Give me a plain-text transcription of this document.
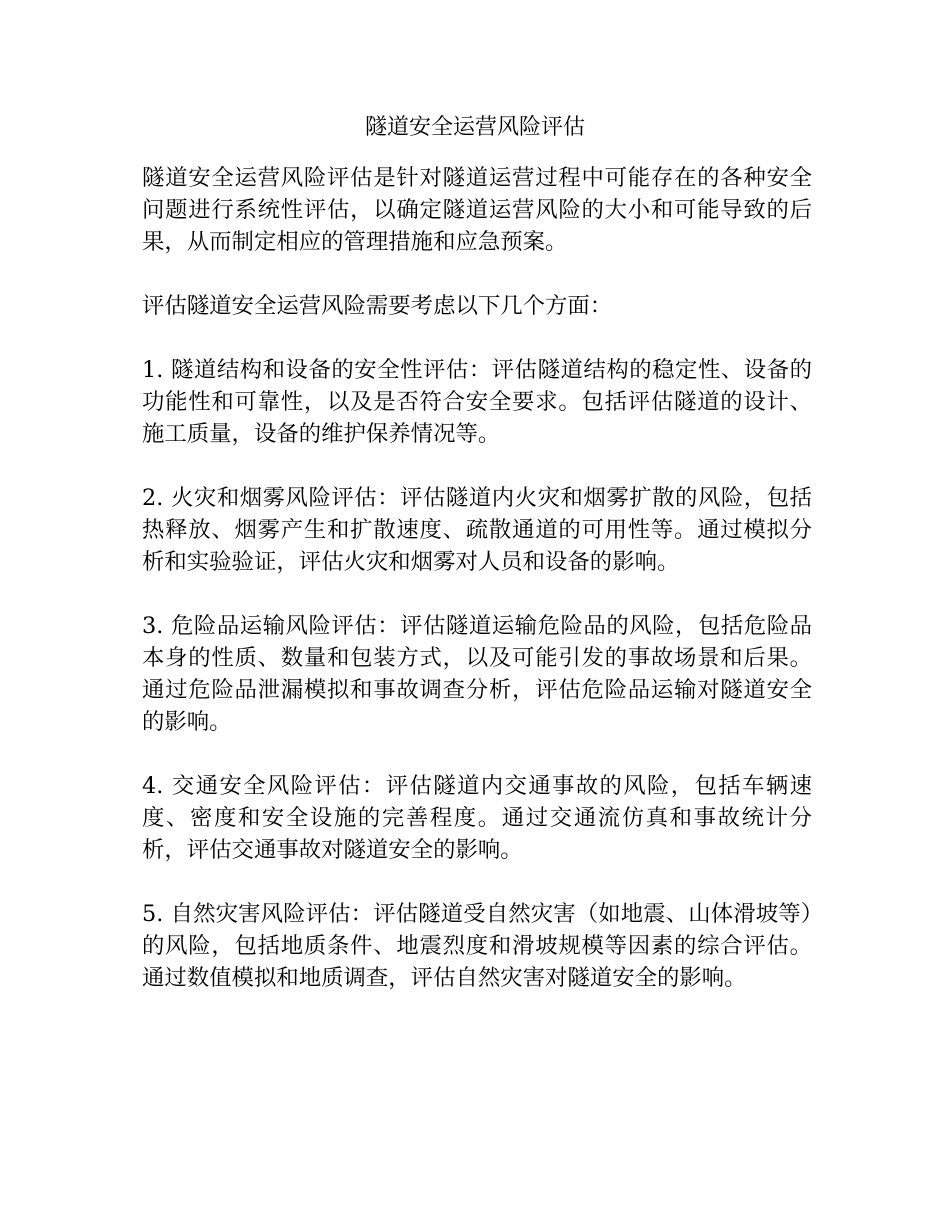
隧道安全运营风险评估

隧道安全运营风险评估是针对隧道运营过程中可能存在的各种安全问题进行系统性评估，以确定隧道运营风险的大小和可能导致的后果，从而制定相应的管理措施和应急预案。

评估隧道安全运营风险需要考虑以下几个方面：

1. 隧道结构和设备的安全性评估：评估隧道结构的稳定性、设备的功能性和可靠性，以及是否符合安全要求。包括评估隧道的设计、施工质量，设备的维护保养情况等。

2. 火灾和烟雾风险评估：评估隧道内火灾和烟雾扩散的风险，包括热释放、烟雾产生和扩散速度、疏散通道的可用性等。通过模拟分析和实验验证，评估火灾和烟雾对人员和设备的影响。

3. 危险品运输风险评估：评估隧道运输危险品的风险，包括危险品本身的性质、数量和包装方式，以及可能引发的事故场景和后果。通过危险品泄漏模拟和事故调查分析，评估危险品运输对隧道安全的影响。

4. 交通安全风险评估：评估隧道内交通事故的风险，包括车辆速度、密度和安全设施的完善程度。通过交通流仿真和事故统计分析，评估交通事故对隧道安全的影响。

5. 自然灾害风险评估：评估隧道受自然灾害（如地震、山体滑坡等）的风险，包括地质条件、地震烈度和滑坡规模等因素的综合评估。通过数值模拟和地质调查，评估自然灾害对隧道安全的影响。
